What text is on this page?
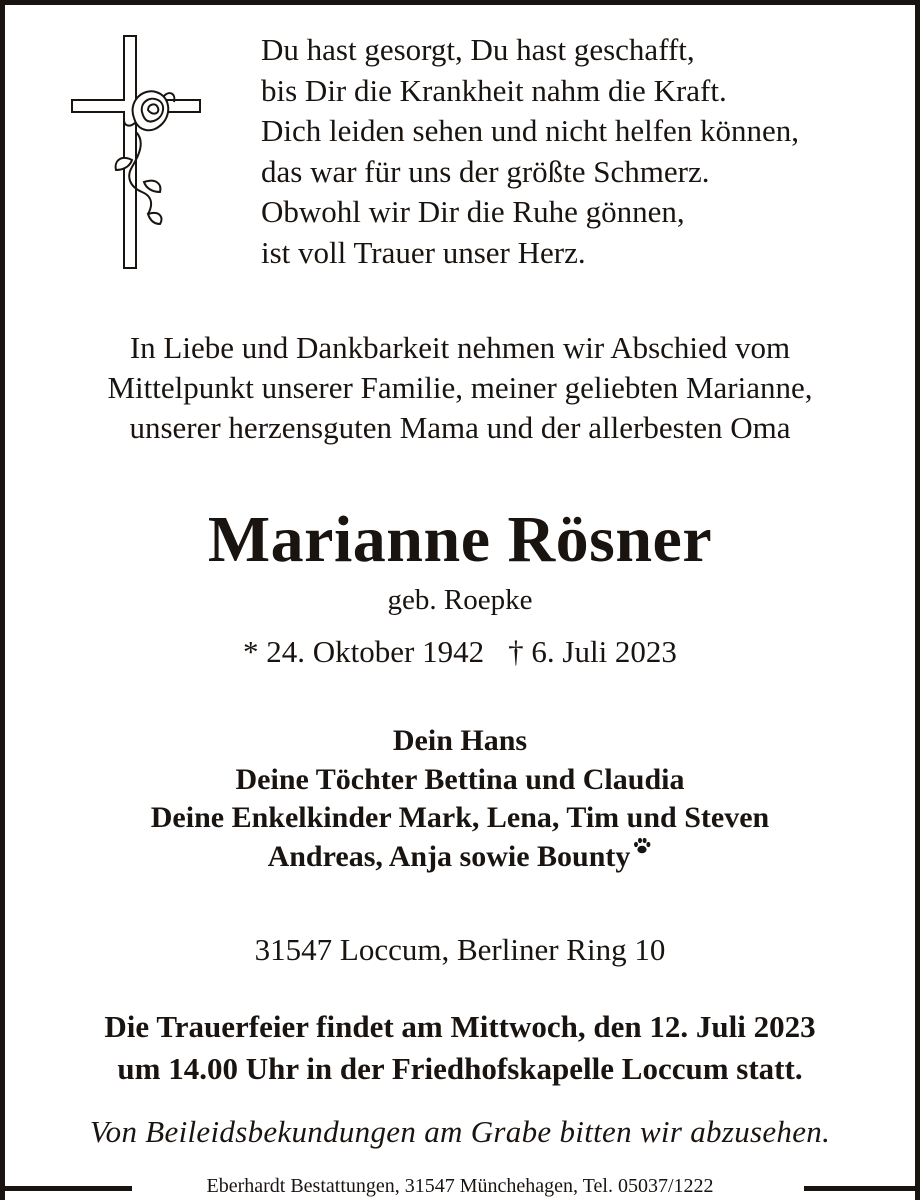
Du hast gesorgt, Du hast geschafft,
bis Dir die Krankheit nahm die Kraft.
Dich leiden sehen und nicht helfen können,
das war für uns der größte Schmerz.
Obwohl wir Dir die Ruhe gönnen,
ist voll Trauer unser Herz.
In Liebe und Dankbarkeit nehmen wir Abschied vom
Mittelpunkt unserer Familie, meiner geliebten Marianne,
unserer herzensguten Mama und der allerbesten Oma
Marianne Rösner
geb. Roepke
* 24. Oktober 1942 † 6. Juli 2023
Dein Hans
Deine Töchter Bettina und Claudia
Deine Enkelkinder Mark, Lena, Tim und Steven
Andreas, Anja sowie Bounty
31547 Loccum, Berliner Ring 10
Die Trauerfeier findet am Mittwoch, den 12. Juli 2023
um 14.00 Uhr in der Friedhofskapelle Loccum statt.
Von Beileidsbekundungen am Grabe bitten wir abzusehen.
Eberhardt Bestattungen, 31547 Münchehagen, Tel. 05037/1222
